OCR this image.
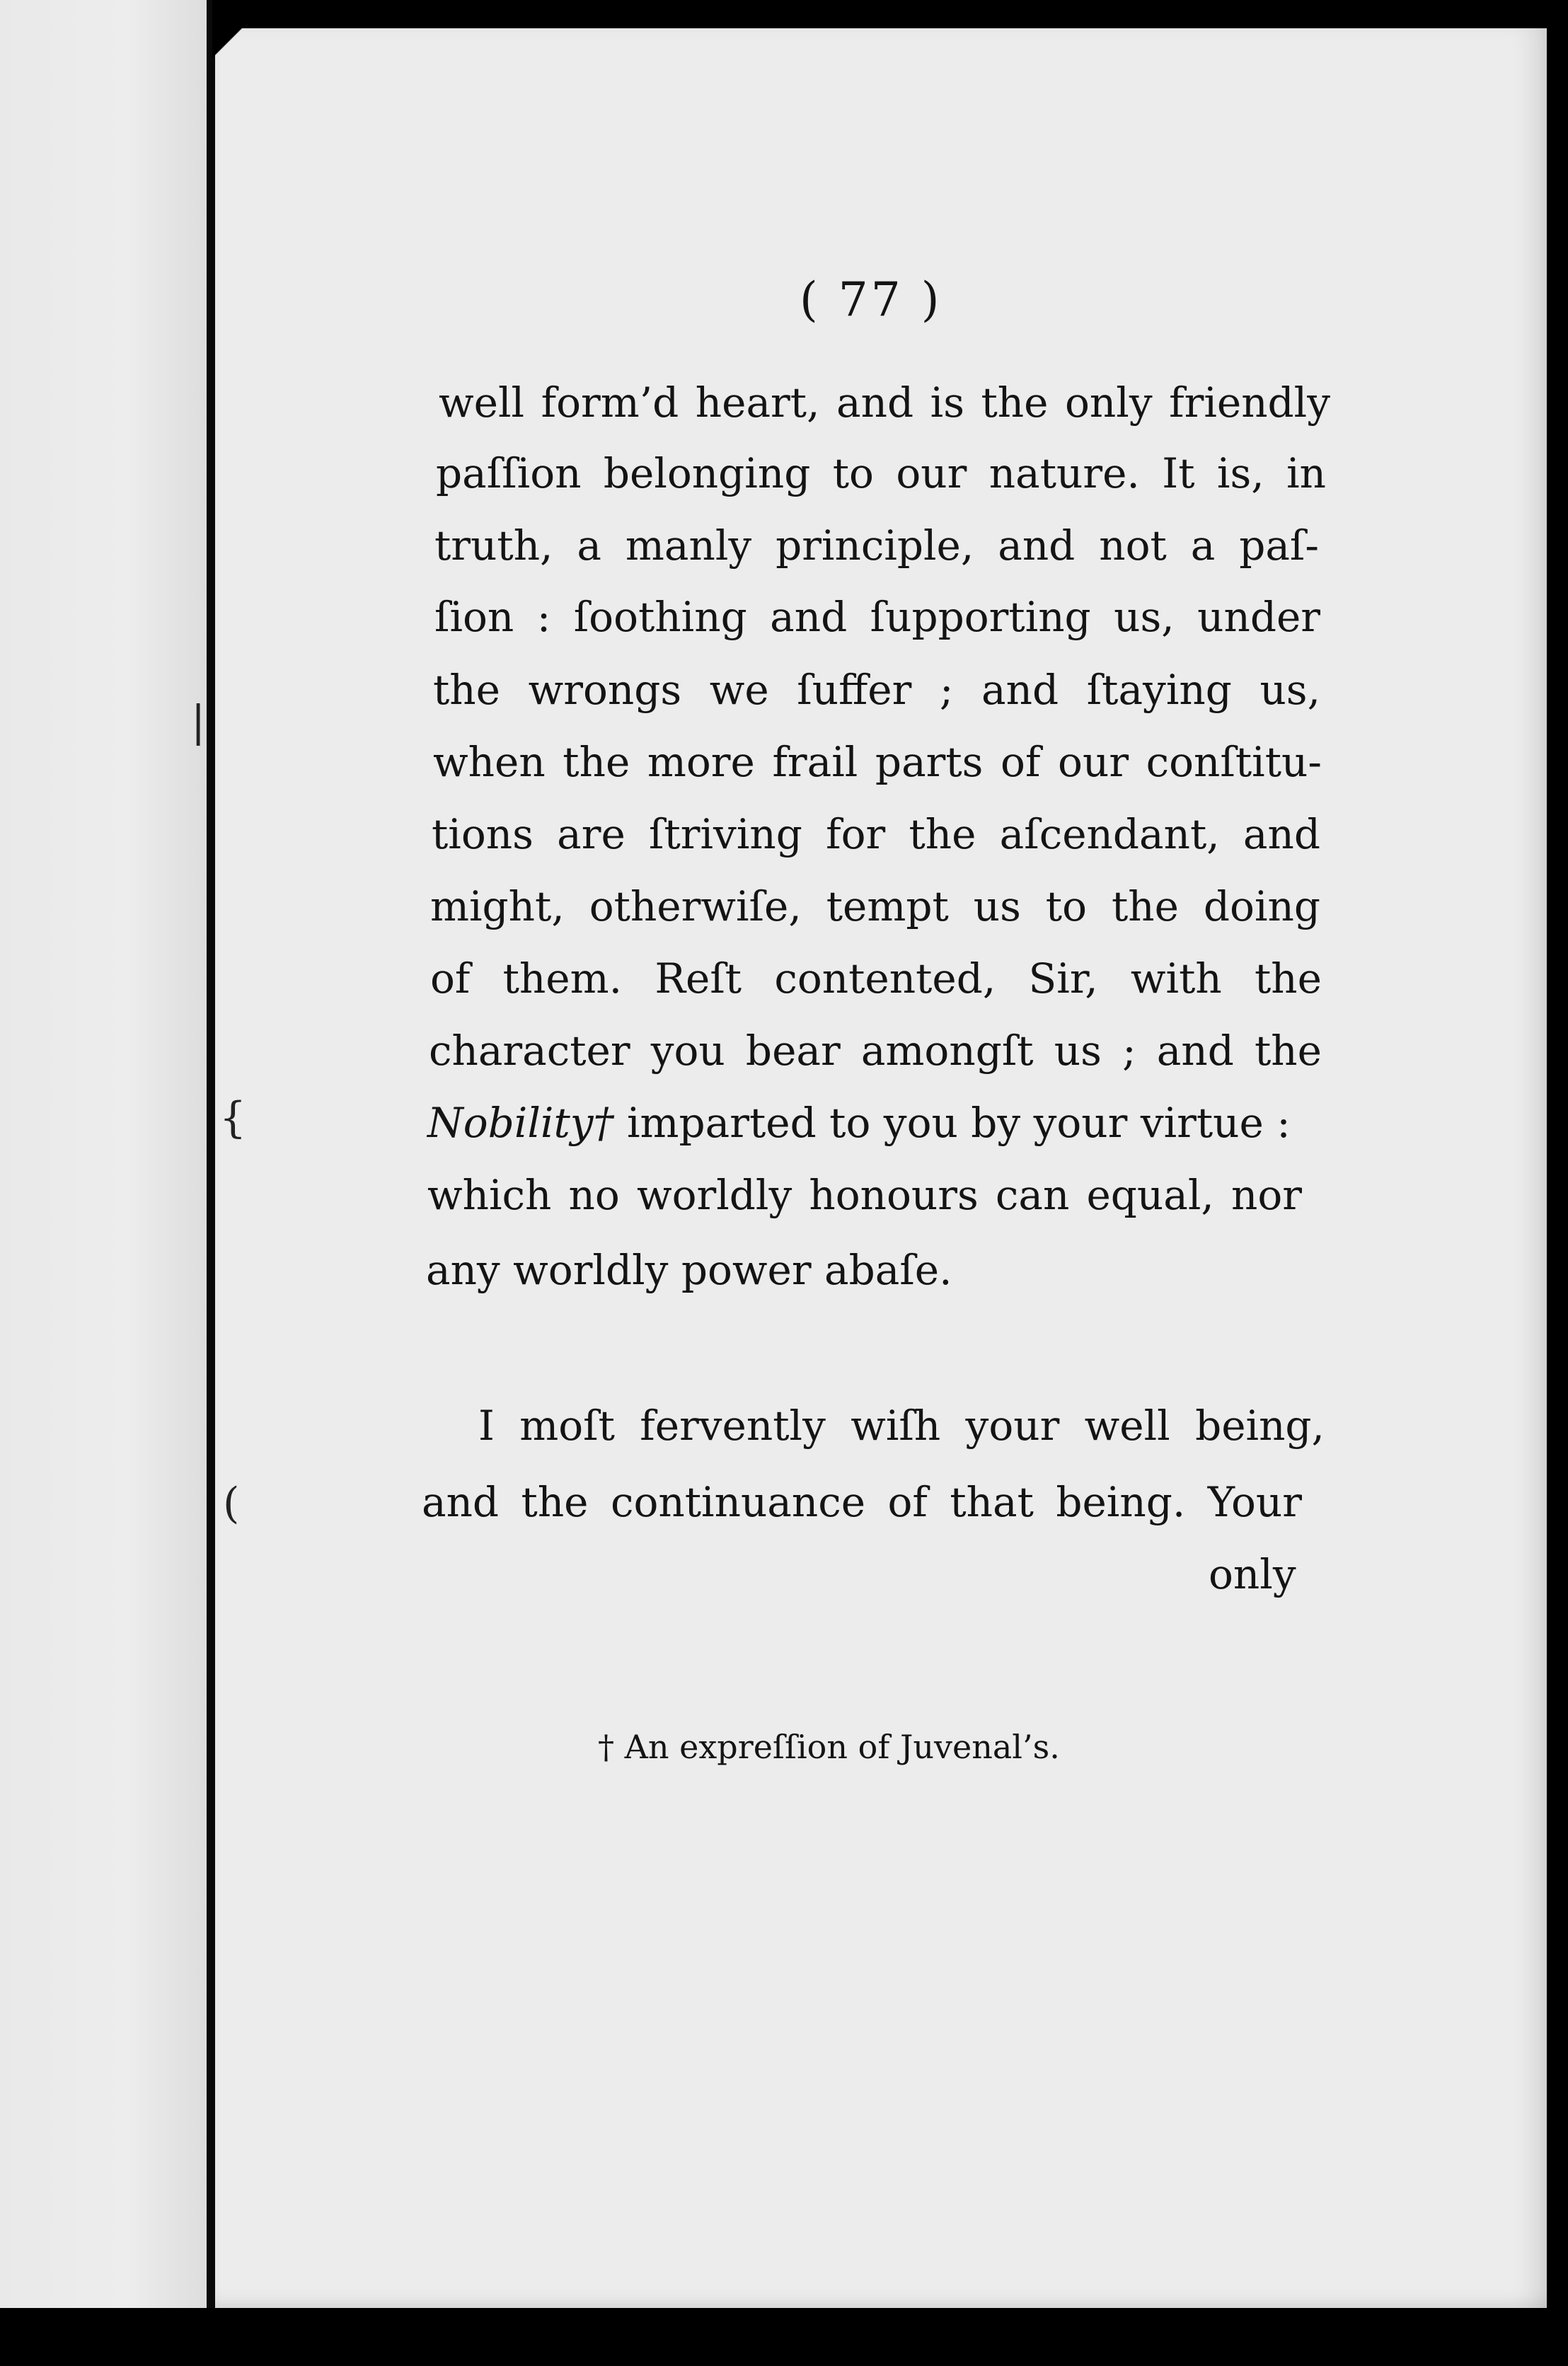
|
{
(
( 77 )
well form’d heart, and is the only friendly
paſſion belonging to our nature. It is, in
truth, a manly principle, and not a paſ-
ſion : ſoothing and ſupporting us, under
the wrongs we ſuffer ; and ſtaying us,
when the more frail parts of our conſtitu-
tions are ſtriving for the aſcendant, and
might, otherwiſe, tempt us to the doing
of them. Reſt contented, Sir, with the
character you bear amongſt us ; and the
Nobility† imparted to you by your virtue :
which no worldly honours can equal, nor
any worldly power abaſe.
I moſt fervently wiſh your well being,
and the continuance of that being. Your
only
† An expreſſion of Juvenal’s.
